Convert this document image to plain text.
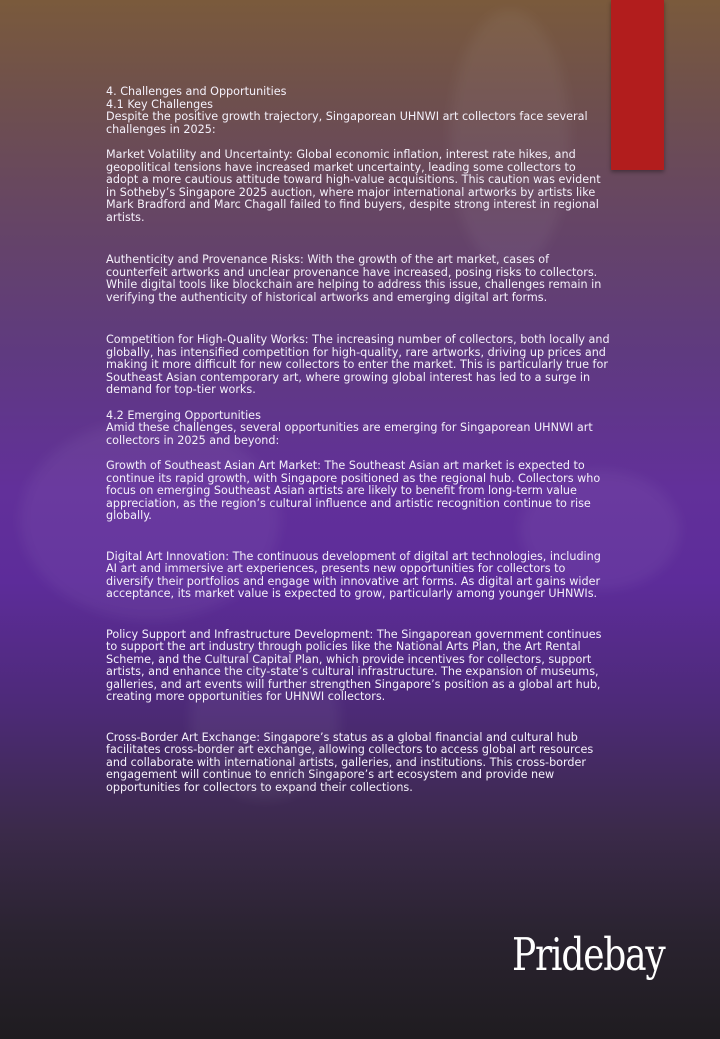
4. Challenges and Opportunities

4.1 Key Challenges

Despite the positive growth trajectory, Singaporean UHNWI art collectors face several challenges in 2025:

Market Volatility and Uncertainty: Global economic inflation, interest rate hikes, and geopolitical tensions have increased market uncertainty, leading some collectors to adopt a more cautious attitude toward high-value acquisitions. This caution was evident in Sotheby’s Singapore 2025 auction, where major international artworks by artists like Mark Bradford and Marc Chagall failed to find buyers, despite strong interest in regional artists.

Authenticity and Provenance Risks: With the growth of the art market, cases of counterfeit artworks and unclear provenance have increased, posing risks to collectors. While digital tools like blockchain are helping to address this issue, challenges remain in verifying the authenticity of historical artworks and emerging digital art forms.

Competition for High-Quality Works: The increasing number of collectors, both locally and globally, has intensified competition for high-quality, rare artworks, driving up prices and making it more difficult for new collectors to enter the market. This is particularly true for Southeast Asian contemporary art, where growing global interest has led to a surge in demand for top-tier works.

4.2 Emerging Opportunities

Amid these challenges, several opportunities are emerging for Singaporean UHNWI art collectors in 2025 and beyond:

Growth of Southeast Asian Art Market: The Southeast Asian art market is expected to continue its rapid growth, with Singapore positioned as the regional hub. Collectors who focus on emerging Southeast Asian artists are likely to benefit from long-term value appreciation, as the region’s cultural influence and artistic recognition continue to rise globally.

Digital Art Innovation: The continuous development of digital art technologies, including AI art and immersive art experiences, presents new opportunities for collectors to diversify their portfolios and engage with innovative art forms. As digital art gains wider acceptance, its market value is expected to grow, particularly among younger UHNWIs.

Policy Support and Infrastructure Development: The Singaporean government continues to support the art industry through policies like the National Arts Plan, the Art Rental Scheme, and the Cultural Capital Plan, which provide incentives for collectors, support artists, and enhance the city-state’s cultural infrastructure. The expansion of museums, galleries, and art events will further strengthen Singapore’s position as a global art hub, creating more opportunities for UHNWI collectors.

Cross-Border Art Exchange: Singapore’s status as a global financial and cultural hub facilitates cross-border art exchange, allowing collectors to access global art resources and collaborate with international artists, galleries, and institutions. This cross-border engagement will continue to enrich Singapore’s art ecosystem and provide new opportunities for collectors to expand their collections.

Pridebay
